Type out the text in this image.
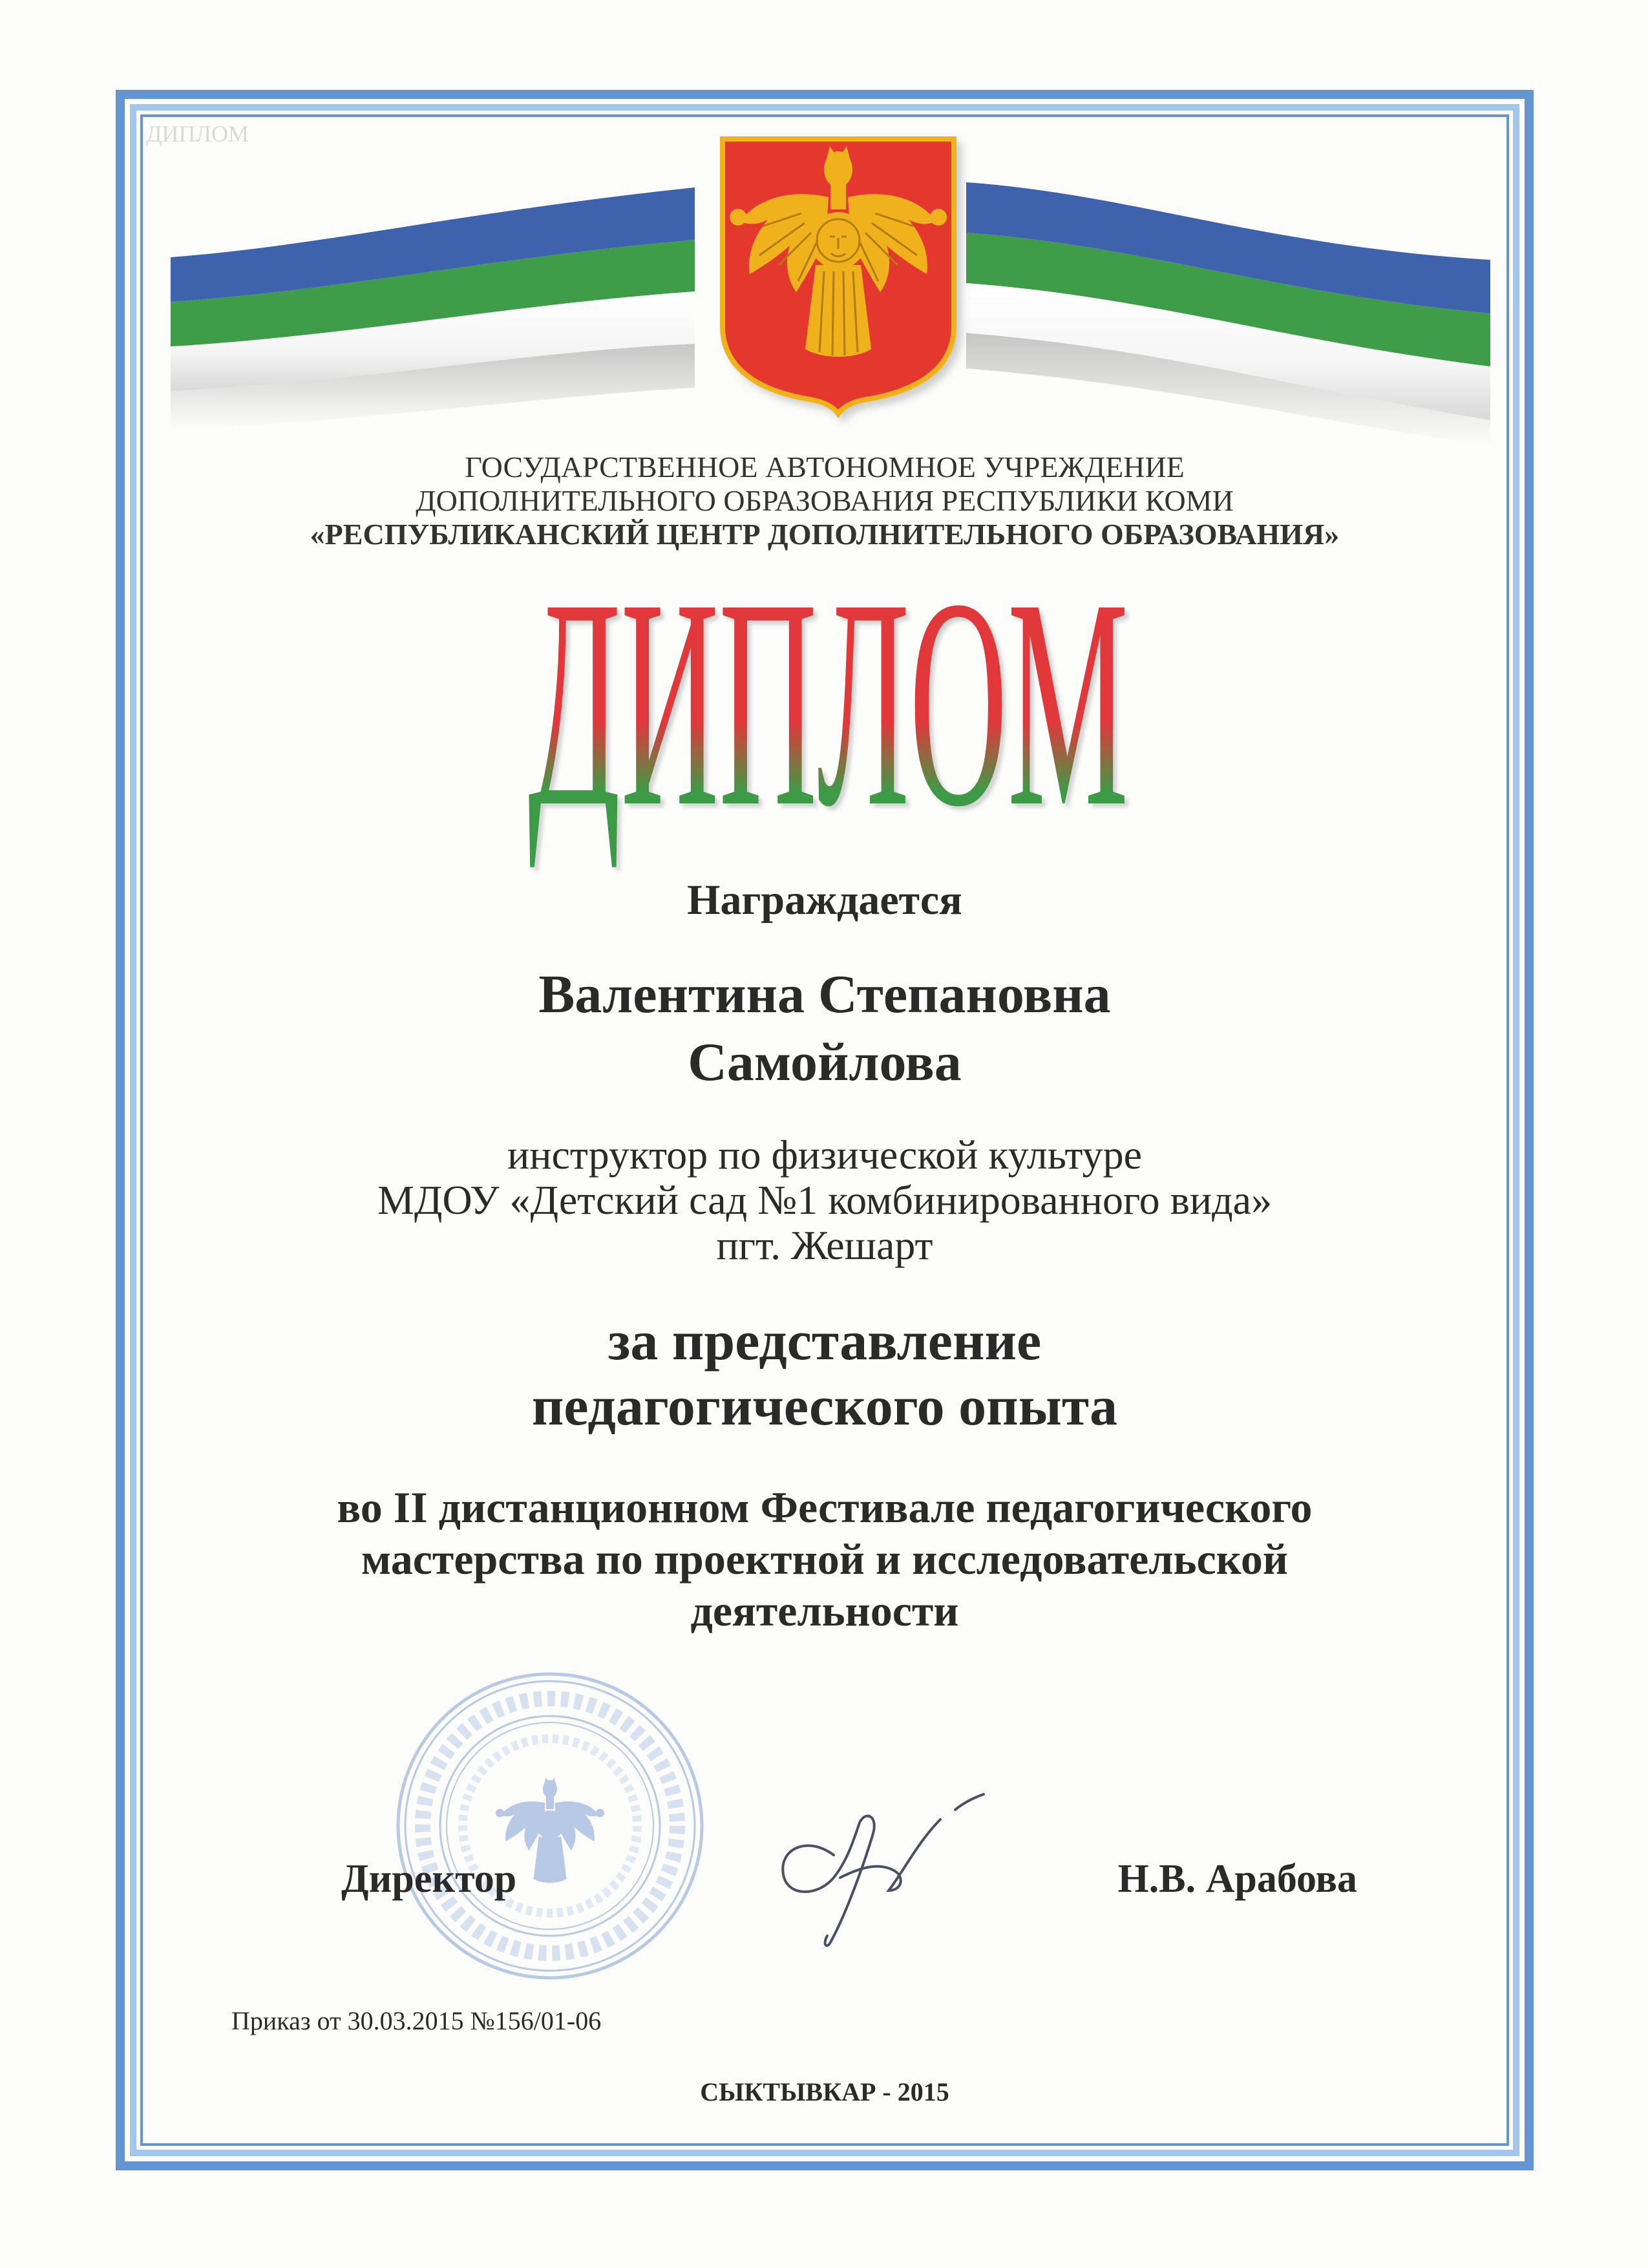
ДИПЛОМ
ДИПЛОМ
ГОСУДАРСТВЕННОЕ АВТОНОМНОЕ УЧРЕЖДЕНИЕ
ДОПОЛНИТЕЛЬНОГО ОБРАЗОВАНИЯ РЕСПУБЛИКИ КОМИ
«РЕСПУБЛИКАНСКИЙ ЦЕНТР ДОПОЛНИТЕЛЬНОГО ОБРАЗОВАНИЯ»
Награждается
Валентина Степановна
Самойлова
инструктор по физической культуре
МДОУ «Детский сад №1 комбинированного вида»
пгт. Жешарт
за представление
педагогического опыта
во II дистанционном Фестивале педагогического
мастерства по проектной и исследовательской
деятельности
Директор	Н.В. Арабова
Приказ от 30.03.2015 №156/01-06
СЫКТЫВКАР - 2015
